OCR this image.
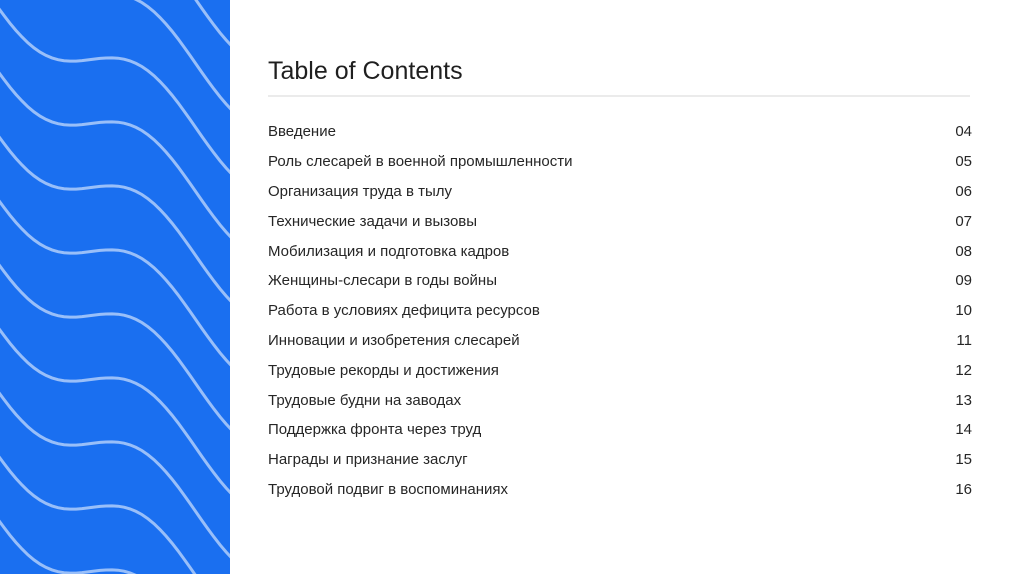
Table of Contents
Введение	04
Роль слесарей в военной промышленности	05
Организация труда в тылу	06
Технические задачи и вызовы	07
Мобилизация и подготовка кадров	08
Женщины-слесари в годы войны	09
Работа в условиях дефицита ресурсов	10
Инновации и изобретения слесарей	11
Трудовые рекорды и достижения	12
Трудовые будни на заводах	13
Поддержка фронта через труд	14
Награды и признание заслуг	15
Трудовой подвиг в воспоминаниях	16
